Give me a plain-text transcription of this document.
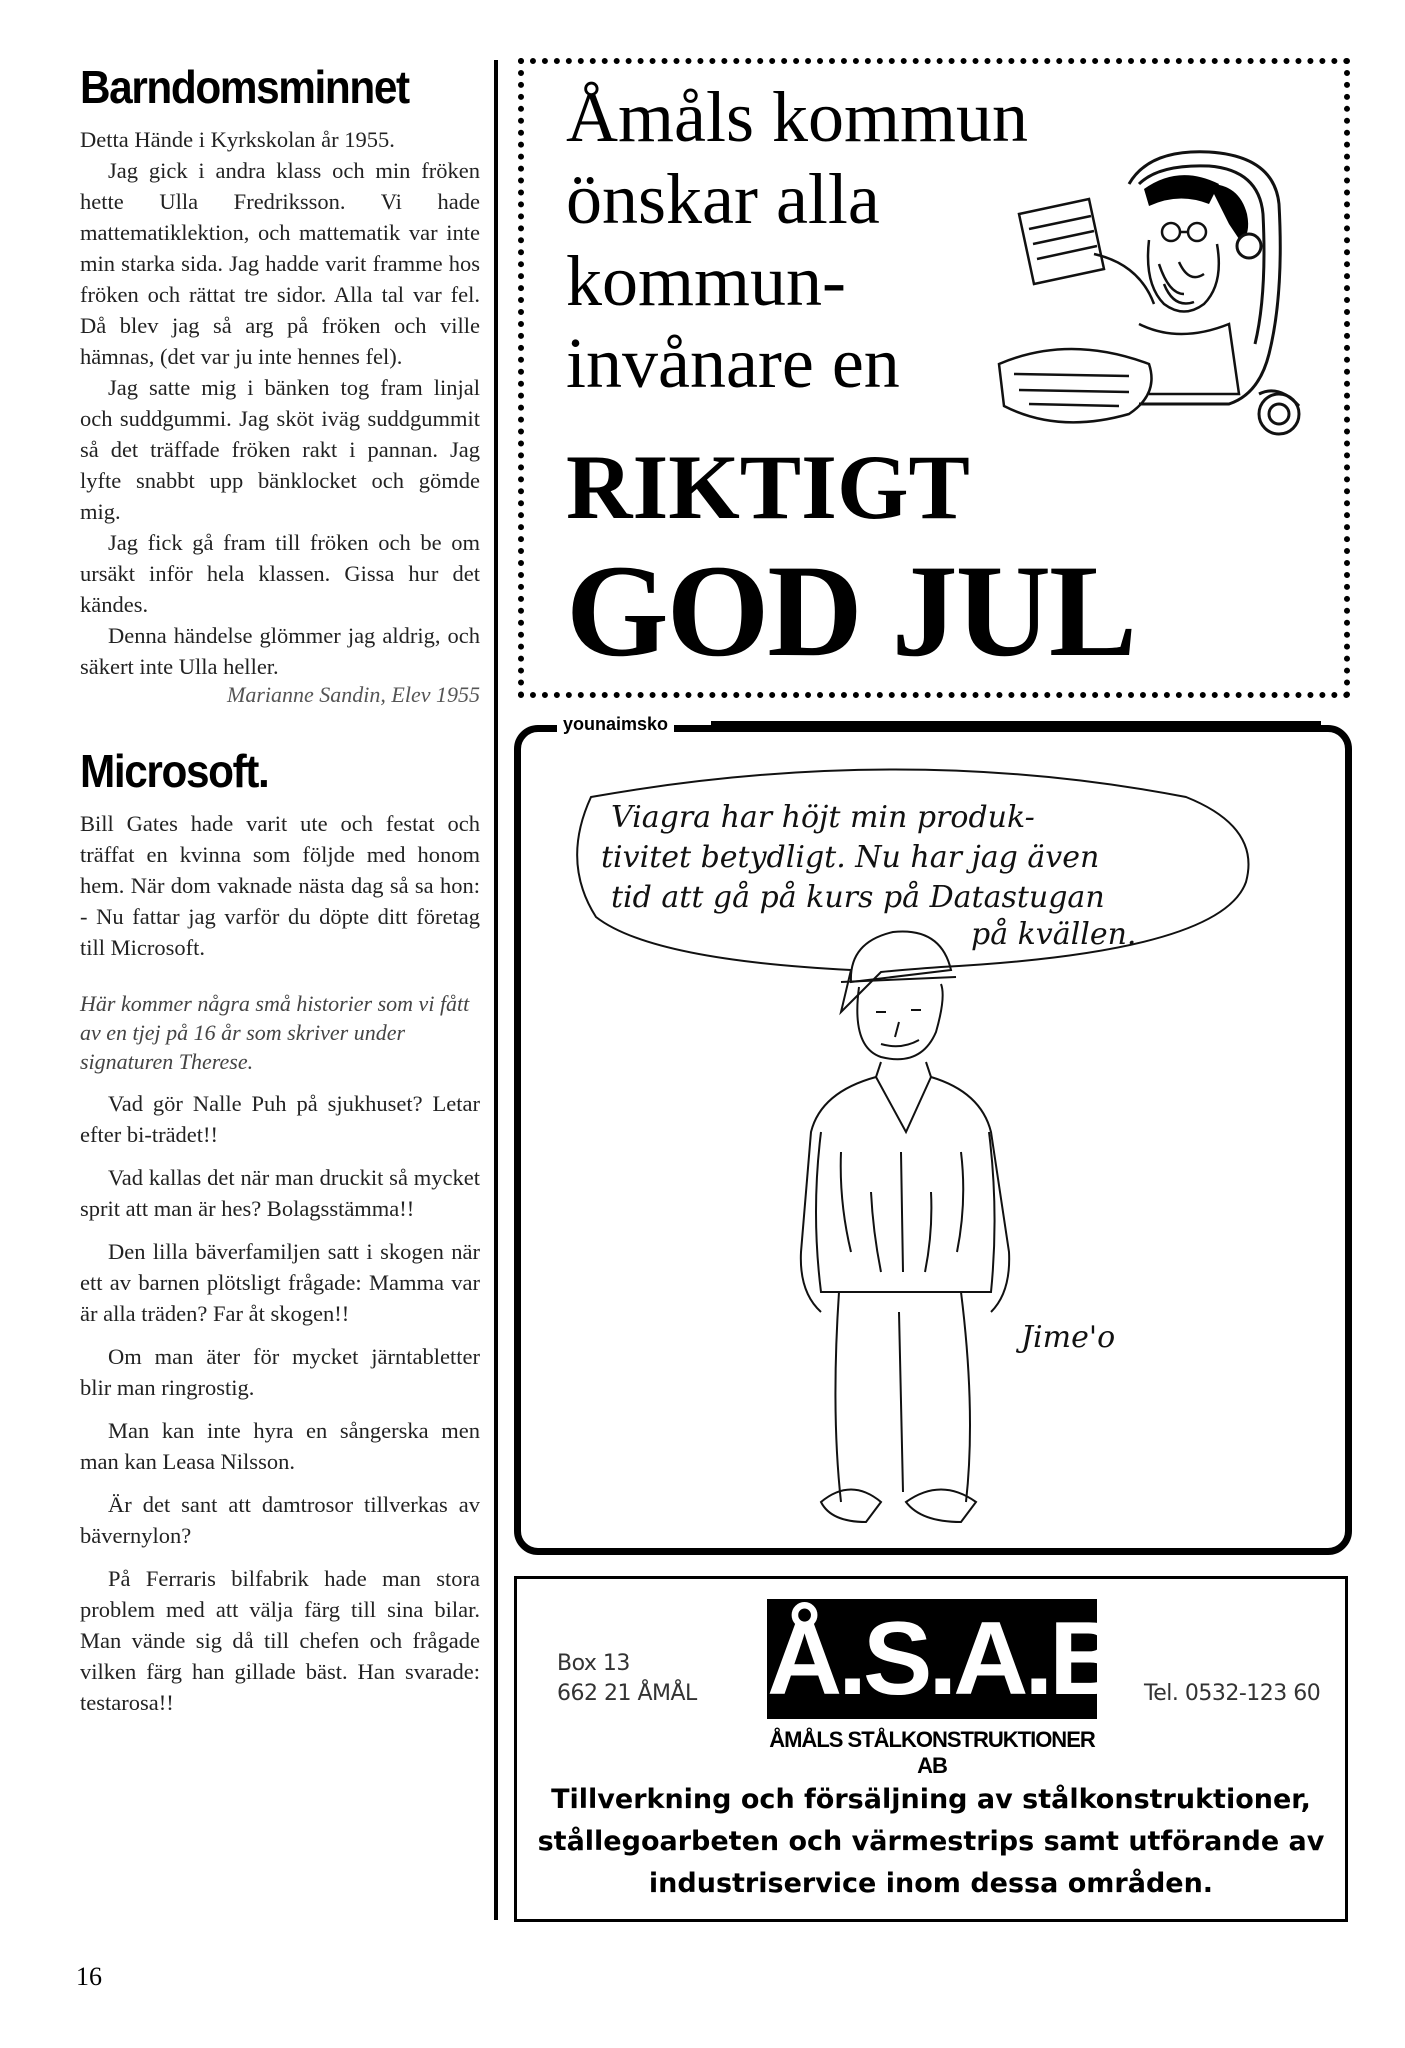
Barndomsminnet

Detta Hände i Kyrkskolan år 1955.

Jag gick i andra klass och min fröken hette Ulla Fredriksson. Vi hade mattematiklektion, och mattematik var inte min starka sida. Jag hadde varit framme hos fröken och rättat tre sidor. Alla tal var fel. Då blev jag så arg på fröken och ville hämnas, (det var ju inte hennes fel).

Jag satte mig i bänken tog fram linjal och suddgummi. Jag sköt iväg suddgummit så det träffade fröken rakt i pannan. Jag lyfte snabbt upp bänklocket och gömde mig.

Jag fick gå fram till fröken och be om ursäkt inför hela klassen. Gissa hur det kändes.

Denna händelse glömmer jag aldrig, och säkert inte Ulla heller.

Marianne Sandin, Elev 1955

Microsoft.

Bill Gates hade varit ute och festat och träffat en kvinna som följde med honom hem. När dom vaknade nästa dag så sa hon: - Nu fattar jag varför du döpte ditt företag till Microsoft.

Här kommer några små historier som vi fått av en tjej på 16 år som skriver under signaturen Therese.

Vad gör Nalle Puh på sjukhuset? Letar efter bi-trädet!!

Vad kallas det när man druckit så mycket sprit att man är hes? Bolagsstämma!!

Den lilla bäverfamiljen satt i skogen när ett av barnen plötsligt frågade: Mamma var är alla träden? Far åt skogen!!

Om man äter för mycket järntabletter blir man ringrostig.

Man kan inte hyra en sångerska men man kan Leasa Nilsson.

Är det sant att damtrosor tillverkas av bävernylon?

På Ferraris bilfabrik hade man stora problem med att välja färg till sina bilar. Man vände sig då till chefen och frågade vilken färg han gillade bäst. Han svarade: testarosa!!

Åmåls kommun
önskar alla
kommun-
invånare en
RIKTIGT
GOD JUL
younaimsko
Viagra har höjt min produk-
tivitet betydligt. Nu har jag även
tid att gå på kurs på Datastugan
på kvällen.
Jime'o
Box 13
662 21 ÅMÅL Å.S.A.B.
ÅMÅLS STÅLKONSTRUKTIONER AB
Tel. 0532-123 60
Tillverkning och försäljning av stålkonstruktioner,
stållegoarbeten och värmestrips samt utförande av
industriservice inom dessa områden.
16
